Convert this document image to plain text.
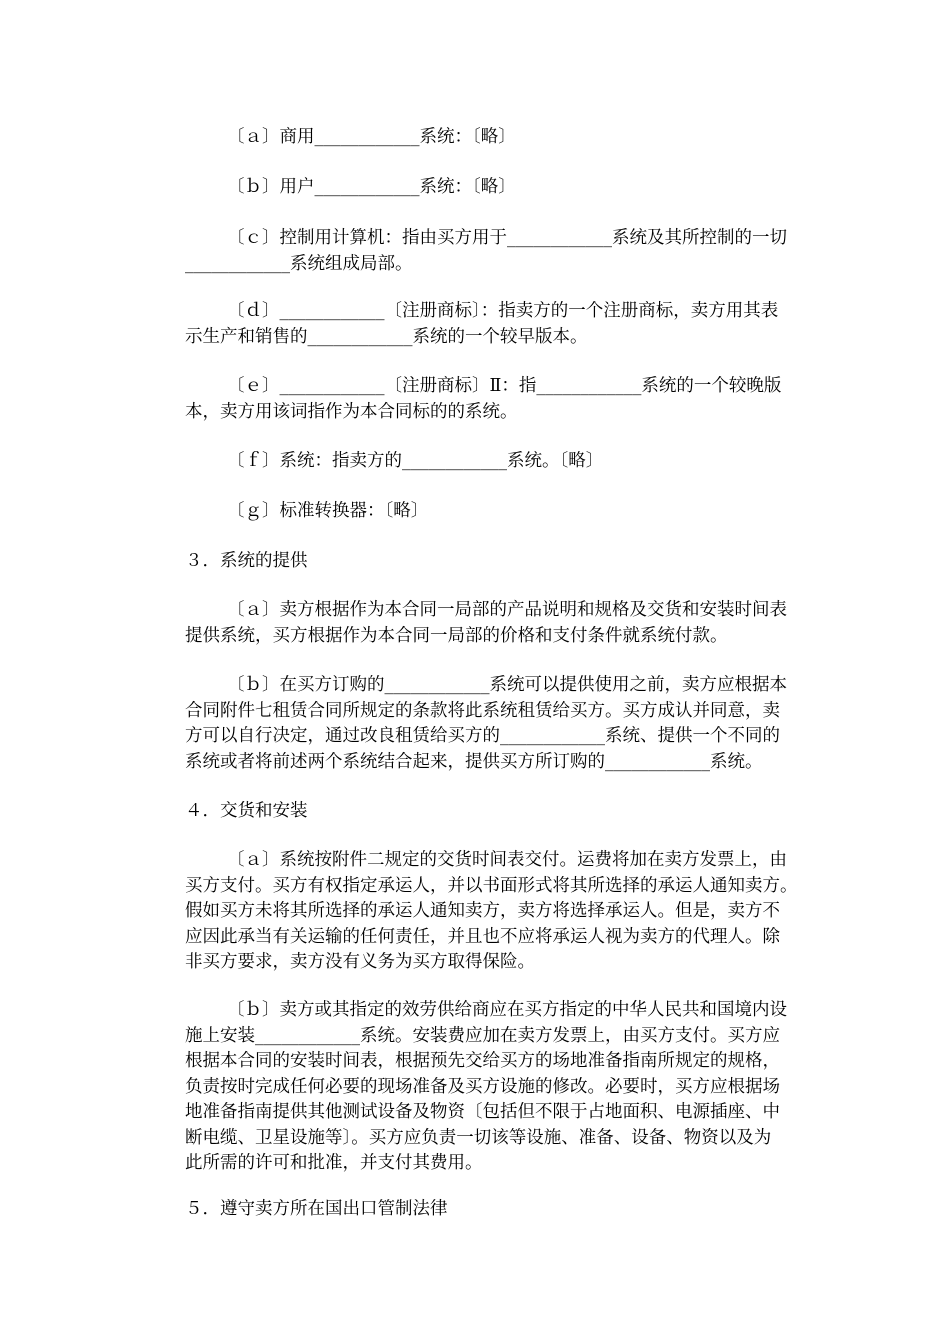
〔ａ〕商用____________系统：〔略〕
〔ｂ〕用户____________系统：〔略〕
〔ｃ〕控制用计算机：指由买方用于____________系统及其所控制的一切
____________系统组成局部。
〔ｄ〕____________〔注册商标〕：指卖方的一个注册商标，卖方用其表
示生产和销售的____________系统的一个较早版本。
〔ｅ〕____________〔注册商标〕Ⅱ：指____________系统的一个较晚版
本，卖方用该词指作为本合同标的的系统。
〔ｆ〕系统：指卖方的____________系统。〔略〕
〔ｇ〕标准转换器：〔略〕
３．系统的提供
〔ａ〕卖方根据作为本合同一局部的产品说明和规格及交货和安装时间表
提供系统，买方根据作为本合同一局部的价格和支付条件就系统付款。
〔ｂ〕在买方订购的____________系统可以提供使用之前，卖方应根据本
合同附件七租赁合同所规定的条款将此系统租赁给买方。买方成认并同意，卖
方可以自行决定，通过改良租赁给买方的____________系统、提供一个不同的
系统或者将前述两个系统结合起来，提供买方所订购的____________系统。
４．交货和安装
〔ａ〕系统按附件二规定的交货时间表交付。运费将加在卖方发票上，由
买方支付。买方有权指定承运人，并以书面形式将其所选择的承运人通知卖方。
假如买方未将其所选择的承运人通知卖方，卖方将选择承运人。但是，卖方不
应因此承当有关运输的任何责任，并且也不应将承运人视为卖方的代理人。除
非买方要求，卖方没有义务为买方取得保险。
〔ｂ〕卖方或其指定的效劳供给商应在买方指定的中华人民共和国境内设
施上安装____________系统。安装费应加在卖方发票上，由买方支付。买方应
根据本合同的安装时间表，根据预先交给买方的场地准备指南所规定的规格，
负责按时完成任何必要的现场准备及买方设施的修改。必要时，买方应根据场
地准备指南提供其他测试设备及物资〔包括但不限于占地面积、电源插座、中
断电缆、卫星设施等〕。买方应负责一切该等设施、准备、设备、物资以及为
此所需的许可和批准，并支付其费用。
５．遵守卖方所在国出口管制法律
